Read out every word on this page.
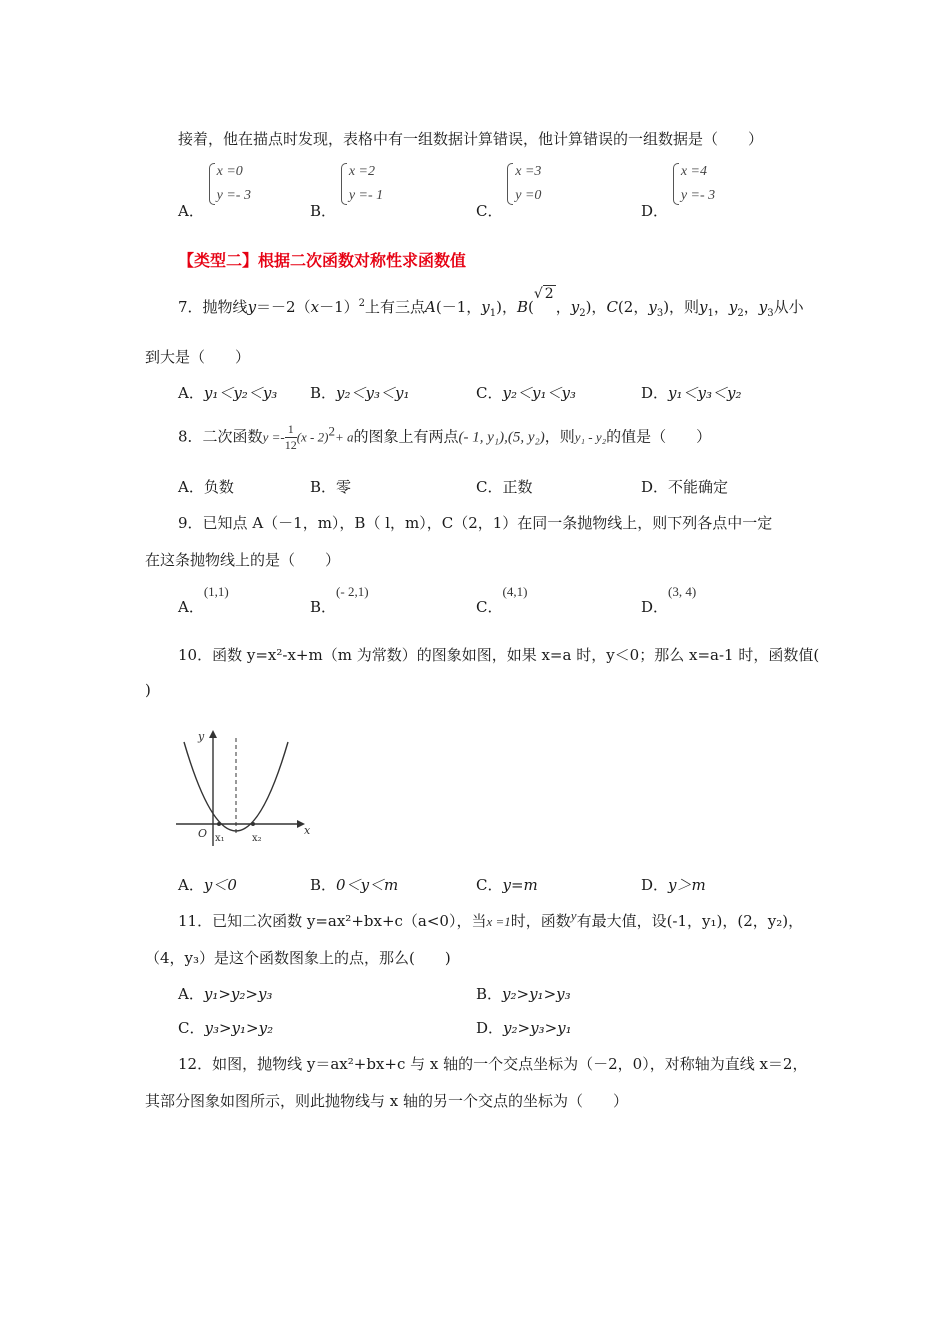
接着，他在描点时发现，表格中有一组数据计算错误，他计算错误的一组数据是（　　）
A． x =0
y =- 3
B． x =2
y =- 1
C． x =3
y =0
D． x =4
y =- 3
【类型二】根据二次函数对称性求函数值
7．抛物线$y=-2(x-1)^2$上有三点A(－1，$y_1$)，B(√ 2，$y_2$)，C(2，$y_3$)，则$y_1$，$y_2$，$y_3$从小
到大是（　　）
A．y₁＜y₂＜y₃ B．y₂＜y₃＜y₁	C．y₂＜y₁＜y₃	D．y₁＜y₃＜y₂
8．二次函数$y =- \frac{1}{12}(x - 2)^2+ a$的图象上有两点(- 1, y₁),(5, y₂)，则y₁ - y₂的值是（　　）
A．负数	B．零	C．正数	D．不能确定
9．已知点 A（－1，m），B（ l，m），C（2，1）在同一条抛物线上，则下列各点中一定
在这条抛物线上的是（　　）
A．(1,1)
B．(- 2,1)
C．(4,1)
D．(3, 4)
10．函数 y=x²-x+m（m 为常数）的图象如图，如果 x=a 时，y＜0；那么 x=a-1 时，函数值(
)
y
x
O x₁	x₂
A．y＜0	B．0＜y＜m	C．y=m	D．y＞m
11．已知二次函数 y=ax²+bx+c（a<0），当x =1时，函数y有最大值，设(-1，y₁)，(2，y₂)，
（4，y₃）是这个函数图象上的点，那么(　　)
A．y₁>y₂>y₃	B．y₂>y₁>y₃
C．y₃>y₁>y₂	D．y₂>y₃>y₁
12．如图，抛物线 y＝ax²+bx+c 与 x 轴的一个交点坐标为（－2，0），对称轴为直线 x＝2，
其部分图象如图所示，则此抛物线与 x 轴的另一个交点的坐标为（　　）
